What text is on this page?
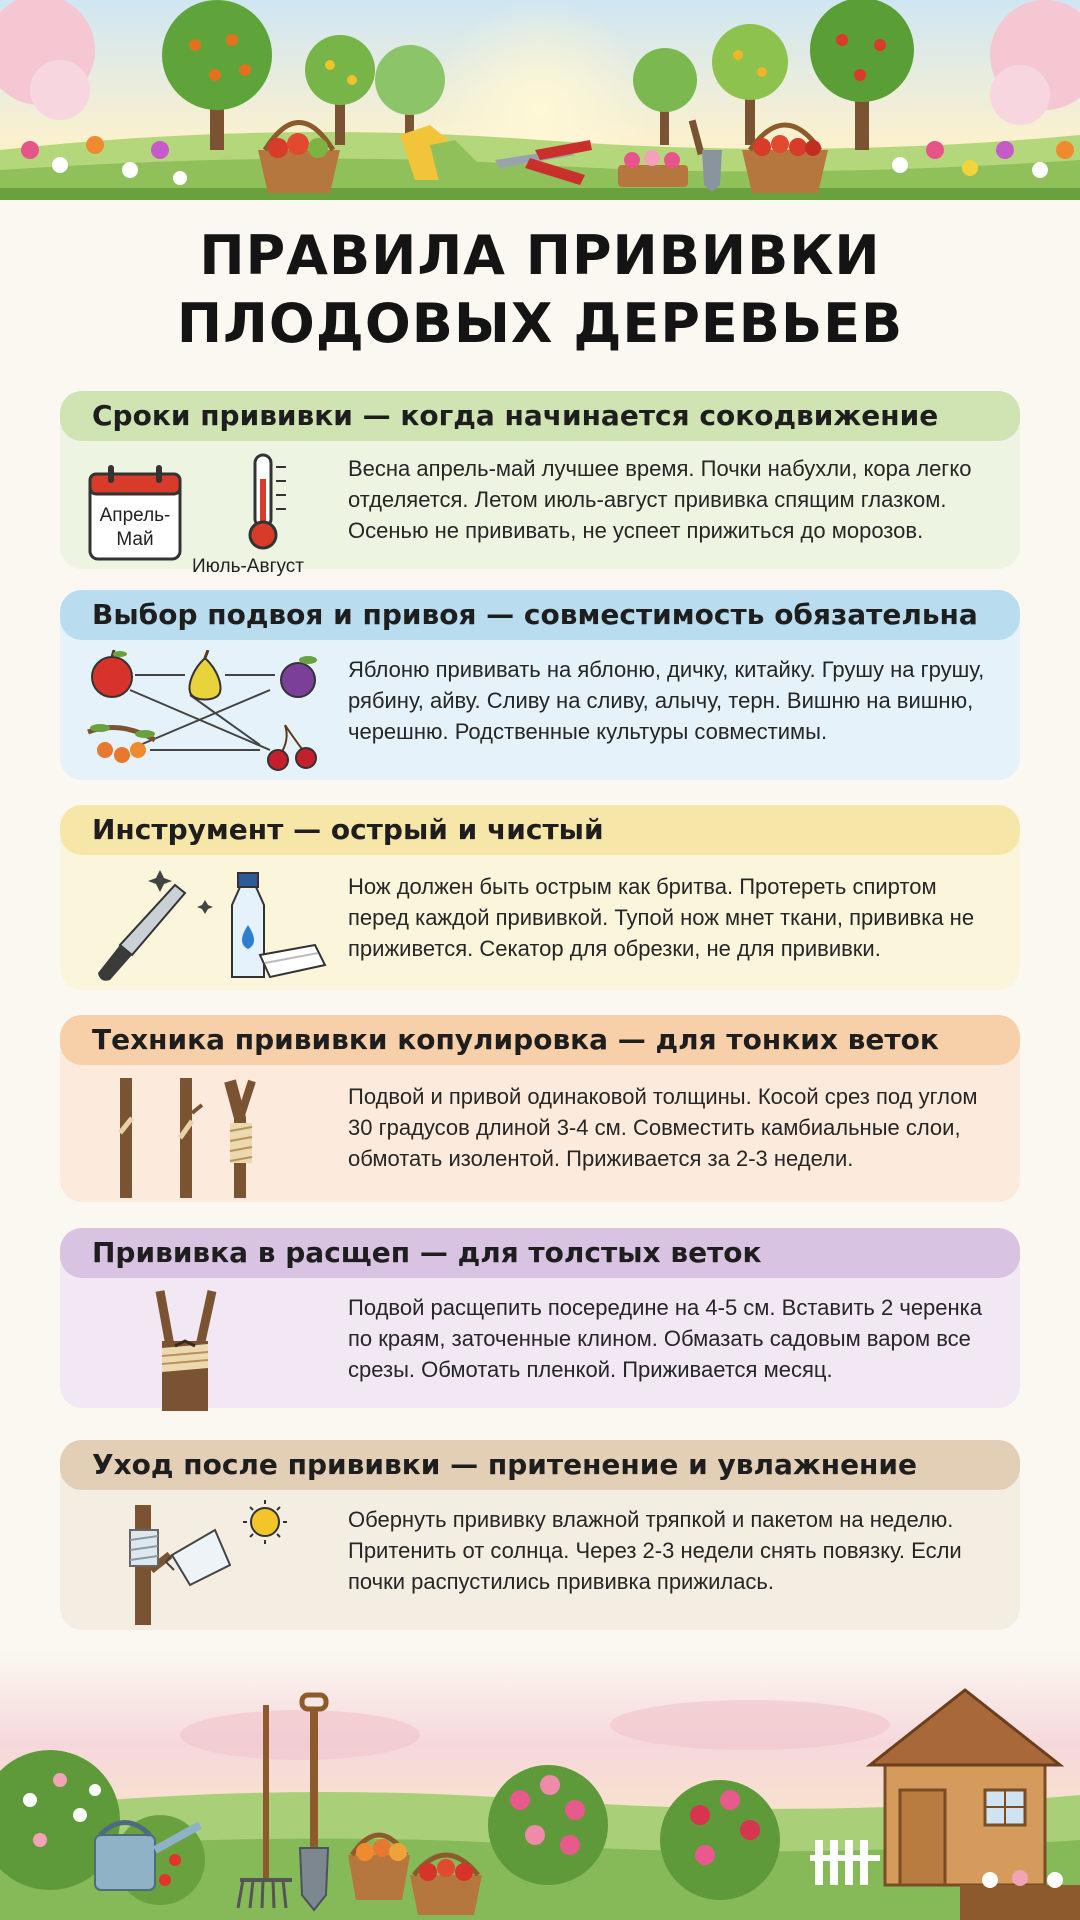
ПРАВИЛА ПРИВИВКИ
ПЛОДОВЫХ ДЕРЕВЬЕВ
Сроки прививки — когда начинается сокодвижение
Апрель-
Май
Июль-Август
Весна апрель-май лучшее время. Почки набухли, кора легко отделяется. Летом июль-август прививка спящим глазком. Осенью не прививать, не успеет прижиться до морозов.
Выбор подвоя и привоя — совместимость обязательна
Яблоню прививать на яблоню, дичку, китайку. Грушу на грушу, рябину, айву. Сливу на сливу, алычу, терн. Вишню на вишню, черешню. Родственные культуры совместимы.
Инструмент — острый и чистый
Нож должен быть острым как бритва. Протереть спиртом перед каждой прививкой. Тупой нож мнет ткани, прививка не приживется. Секатор для обрезки, не для прививки.
Техника прививки копулировка — для тонких веток
Подвой и привой одинаковой толщины. Косой срез под углом 30 градусов длиной 3-4 см. Совместить камбиальные слои, обмотать изолентой. Приживается за 2-3 недели.
Прививка в расщеп — для толстых веток
Подвой расщепить посередине на 4-5 см. Вставить 2 черенка по краям, заточенные клином. Обмазать садовым варом все срезы. Обмотать пленкой. Приживается месяц.
Уход после прививки — притенение и увлажнение
Обернуть прививку влажной тряпкой и пакетом на неделю. Притенить от солнца. Через 2-3 недели снять повязку. Если почки распустились прививка прижилась.
